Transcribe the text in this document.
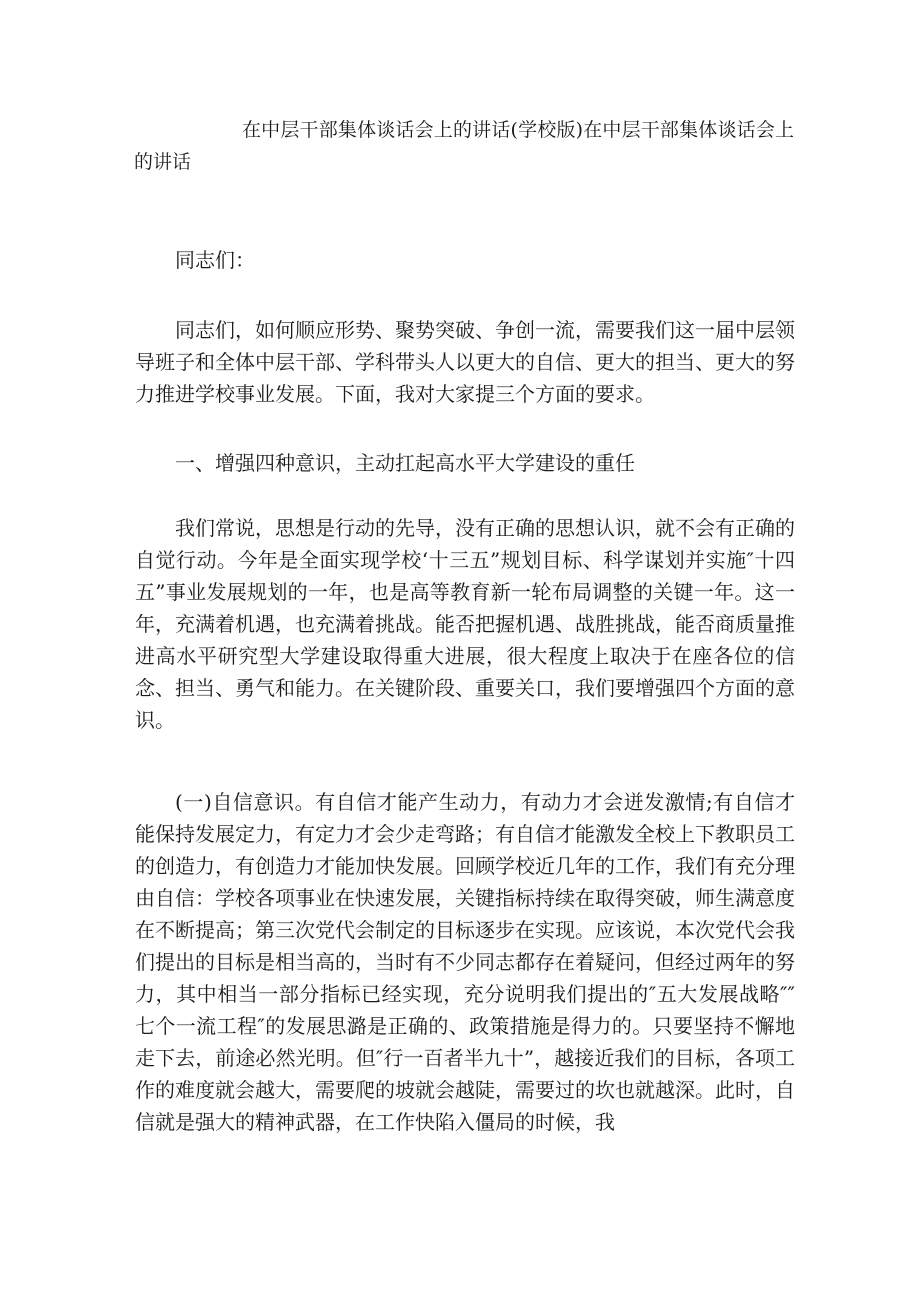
在中层干部集体谈话会上的讲话(学校版)在中层干部集体谈话会上的讲话

同志们：

同志们，如何顺应形势、聚势突破、争创一流，需要我们这一届中层领导班子和全体中层干部、学科带头人以更大的自信、更大的担当、更大的努力推进学校事业发展。下面，我对大家提三个方面的要求。

一、增强四种意识，主动扛起高水平大学建设的重任

我们常说，思想是行动的先导，没有正确的思想认识，就不会有正确的自觉行动。今年是全面实现学校‘十三五”规划目标、科学谋划并实施″十四五”事业发展规划的一年，也是高等教育新一轮布局调整的关键一年。这一年，充满着机遇，也充满着挑战。能否把握机遇、战胜挑战，能否商质量推进高水平研究型大学建设取得重大进展，很大程度上取决于在座各位的信念、担当、勇气和能力。在关键阶段、重要关口，我们要增强四个方面的意识。

(一)自信意识。有自信才能产生动力，有动力才会迸发激情;有自信才能保持发展定力，有定力才会少走弯路；有自信才能激发全校上下教职员工的创造力，有创造力才能加快发展。回顾学校近几年的工作，我们有充分理由自信：学校各项事业在快速发展，关键指标持续在取得突破，师生满意度在不断提高；第三次党代会制定的目标逐步在实现。应该说，本次党代会我们提出的目标是相当高的，当时有不少同志都存在着疑问，但经过两年的努力，其中相当一部分指标已经实现，充分说明我们提出的″五大发展战略″″七个一流工程″的发展思潞是正确的、政策措施是得力的。只要坚持不懈地走下去，前途必然光明。但″行一百者半九十”，越接近我们的目标，各项工作的难度就会越大，需要爬的坡就会越陡，需要过的坎也就越深。此时，自信就是强大的精神武器，在工作快陷入僵局的时候，我
